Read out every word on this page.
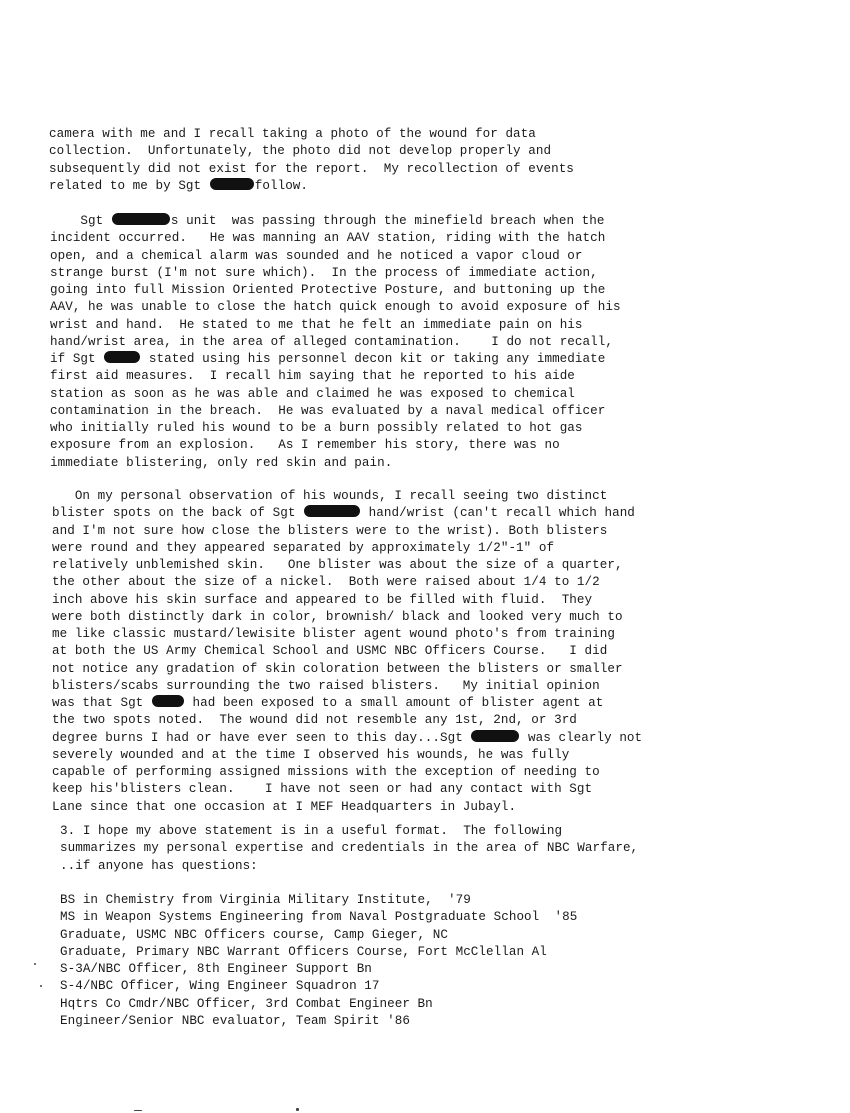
camera with me and I recall taking a photo of the wound for data
collection.  Unfortunately, the photo did not develop properly and
subsequently did not exist for the report.  My recollection of events
related to me by Sgt	follow.
Sgt	s unit  was passing through the minefield breach when the
incident occurred.   He was manning an AAV station, riding with the hatch
open, and a chemical alarm was sounded and he noticed a vapor cloud or
strange burst (I'm not sure which).  In the process of immediate action,
going into full Mission Oriented Protective Posture, and buttoning up the
AAV, he was unable to close the hatch quick enough to avoid exposure of his
wrist and hand.  He stated to me that he felt an immediate pain on his
hand/wrist area, in the area of alleged contamination.    I do not recall,
if Sgt	stated using his personnel decon kit or taking any immediate
first aid measures.  I recall him saying that he reported to his aide
station as soon as he was able and claimed he was exposed to chemical
contamination in the breach.  He was evaluated by a naval medical officer
who initially ruled his wound to be a burn possibly related to hot gas
exposure from an explosion.   As I remember his story, there was no
immediate blistering, only red skin and pain.
On my personal observation of his wounds, I recall seeing two distinct
blister spots on the back of Sgt	hand/wrist (can't recall which hand
and I'm not sure how close the blisters were to the wrist). Both blisters
were round and they appeared separated by approximately 1/2"-1" of
relatively unblemished skin.   One blister was about the size of a quarter,
the other about the size of a nickel.  Both were raised about 1/4 to 1/2
inch above his skin surface and appeared to be filled with fluid.  They
were both distinctly dark in color, brownish/ black and looked very much to
me like classic mustard/lewisite blister agent wound photo's from training
at both the US Army Chemical School and USMC NBC Officers Course.   I did
not notice any gradation of skin coloration between the blisters or smaller
blisters/scabs surrounding the two raised blisters.   My initial opinion
was that Sgt	had been exposed to a small amount of blister agent at
the two spots noted.  The wound did not resemble any 1st, 2nd, or 3rd
degree burns I had or have ever seen to this day...Sgt	was clearly not
severely wounded and at the time I observed his wounds, he was fully
capable of performing assigned missions with the exception of needing to
keep his'blisters clean.    I have not seen or had any contact with Sgt
Lane since that one occasion at I MEF Headquarters in Jubayl.
3. I hope my above statement is in a useful format.  The following
summarizes my personal expertise and credentials in the area of NBC Warfare,
..if anyone has questions:
BS in Chemistry from Virginia Military Institute,  '79
MS in Weapon Systems Engineering from Naval Postgraduate School  '85
Graduate, USMC NBC Officers course, Camp Gieger, NC
Graduate, Primary NBC Warrant Officers Course, Fort McClellan Al
S-3A/NBC Officer, 8th Engineer Support Bn
S-4/NBC Officer, Wing Engineer Squadron 17
Hqtrs Co Cmdr/NBC Officer, 3rd Combat Engineer Bn
Engineer/Senior NBC evaluator, Team Spirit '86
